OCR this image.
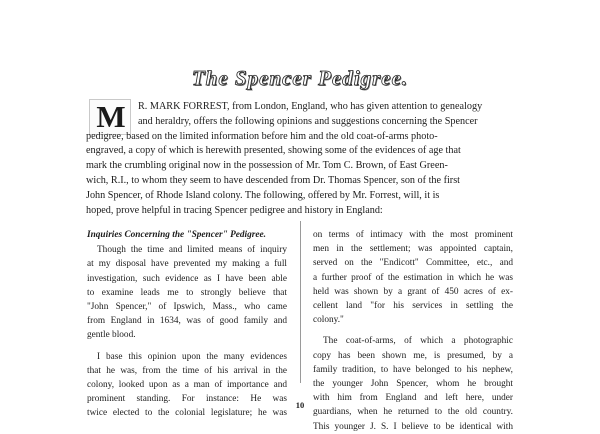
The Spencer Pedigree.
M	R. MARK FORREST, from London, England, who has given attention to genealogy
and heraldry, offers the following opinions and suggestions concerning the Spencer
pedigree, based on the limited information before him and the old coat-of-arms photo-
engraved, a copy of which is herewith presented, showing some of the evidences of age that
mark the crumbling original now in the possession of Mr. Tom C. Brown, of East Green-
wich, R.I., to whom they seem to have descended from Dr. Thomas Spencer, son of the first
John Spencer, of Rhode Island colony. The following, offered by Mr. Forrest, will, it is
hoped, prove helpful in tracing Spencer pedigree and history in England:
Inquiries Concerning the "Spencer" Pedigree.
Though the time and limited means of inquiry
at my disposal have prevented my making a full
investigation, such evidence as I have been able
to examine leads me to strongly believe that
"John Spencer," of Ipswich, Mass., who came
from England in 1634, was of good family and
gentle blood.
I base this opinion upon the many evidences
that he was, from the time of his arrival in the
colony, looked upon as a man of importance and
prominent standing. For instance: He was
twice elected to the colonial legislature; he was
on terms of intimacy with the most prominent
men in the settlement; was appointed captain,
served on the "Endicott" Committee, etc., and
a further proof of the estimation in which he was
held was shown by a grant of 450 acres of ex-
cellent land "for his services in settling the
colony."
The coat-of-arms, of which a photographic
copy has been shown me, is presumed, by a
family tradition, to have belonged to his nephew,
the younger John Spencer, whom he brought
with him from England and left here, under
guardians, when he returned to the old country.
This younger J. S. I believe to be identical with
10
